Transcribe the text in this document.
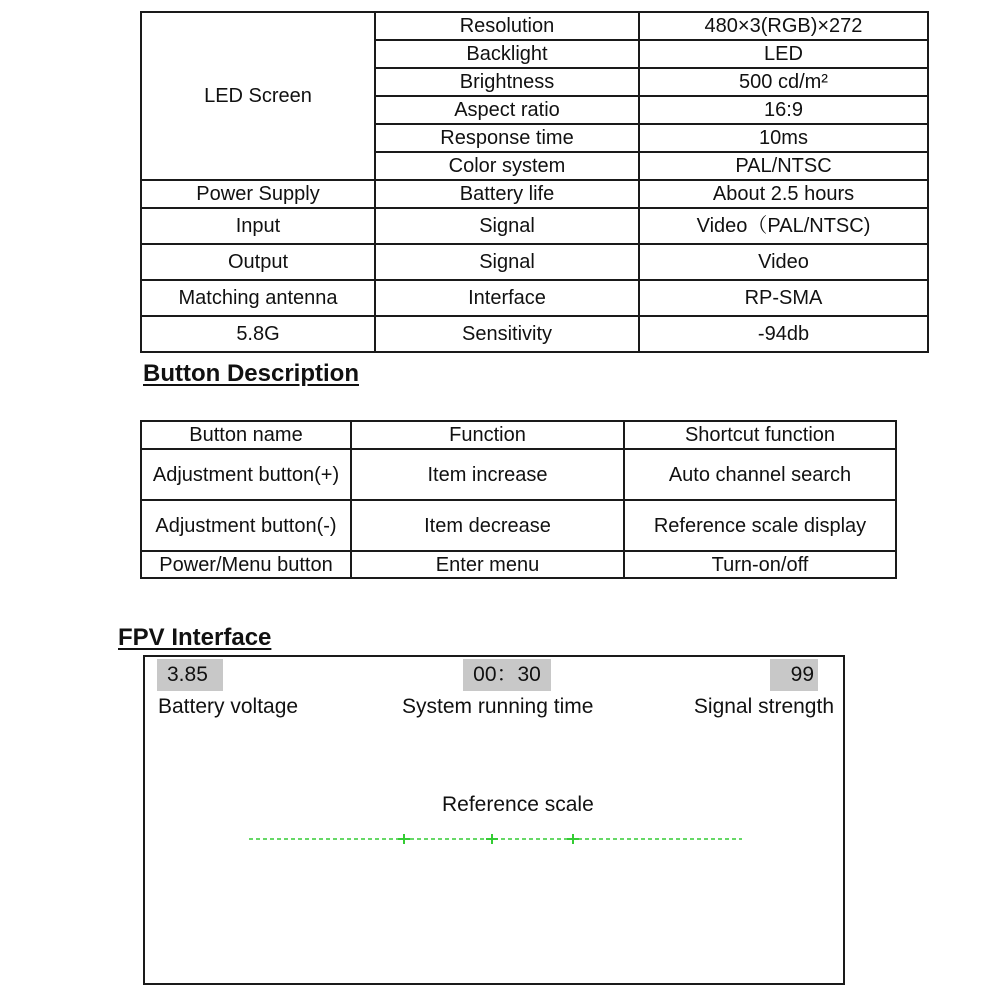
LED Screen	Resolution	480×3(RGB)×272
	Backlight	LED
	Brightness	500 cd/m²
	Aspect ratio	16:9
	Response time	10ms
	Color system	PAL/NTSC
Power Supply	Battery life	About 2.5 hours
Input	Signal	Video（PAL/NTSC)
Output	Signal	Video
Matching antenna	Interface	RP-SMA
5.8G	Sensitivity	-94db
Button Description
Button name	Function	Shortcut function
Adjustment button(+)	Item increase	Auto channel search
Adjustment button(-)	Item decrease	Reference scale display
Power/Menu button	Enter menu	Turn-on/off
FPV Interface
3.85	00：30	99
Battery voltage	System running time	Signal strength
Reference scale
